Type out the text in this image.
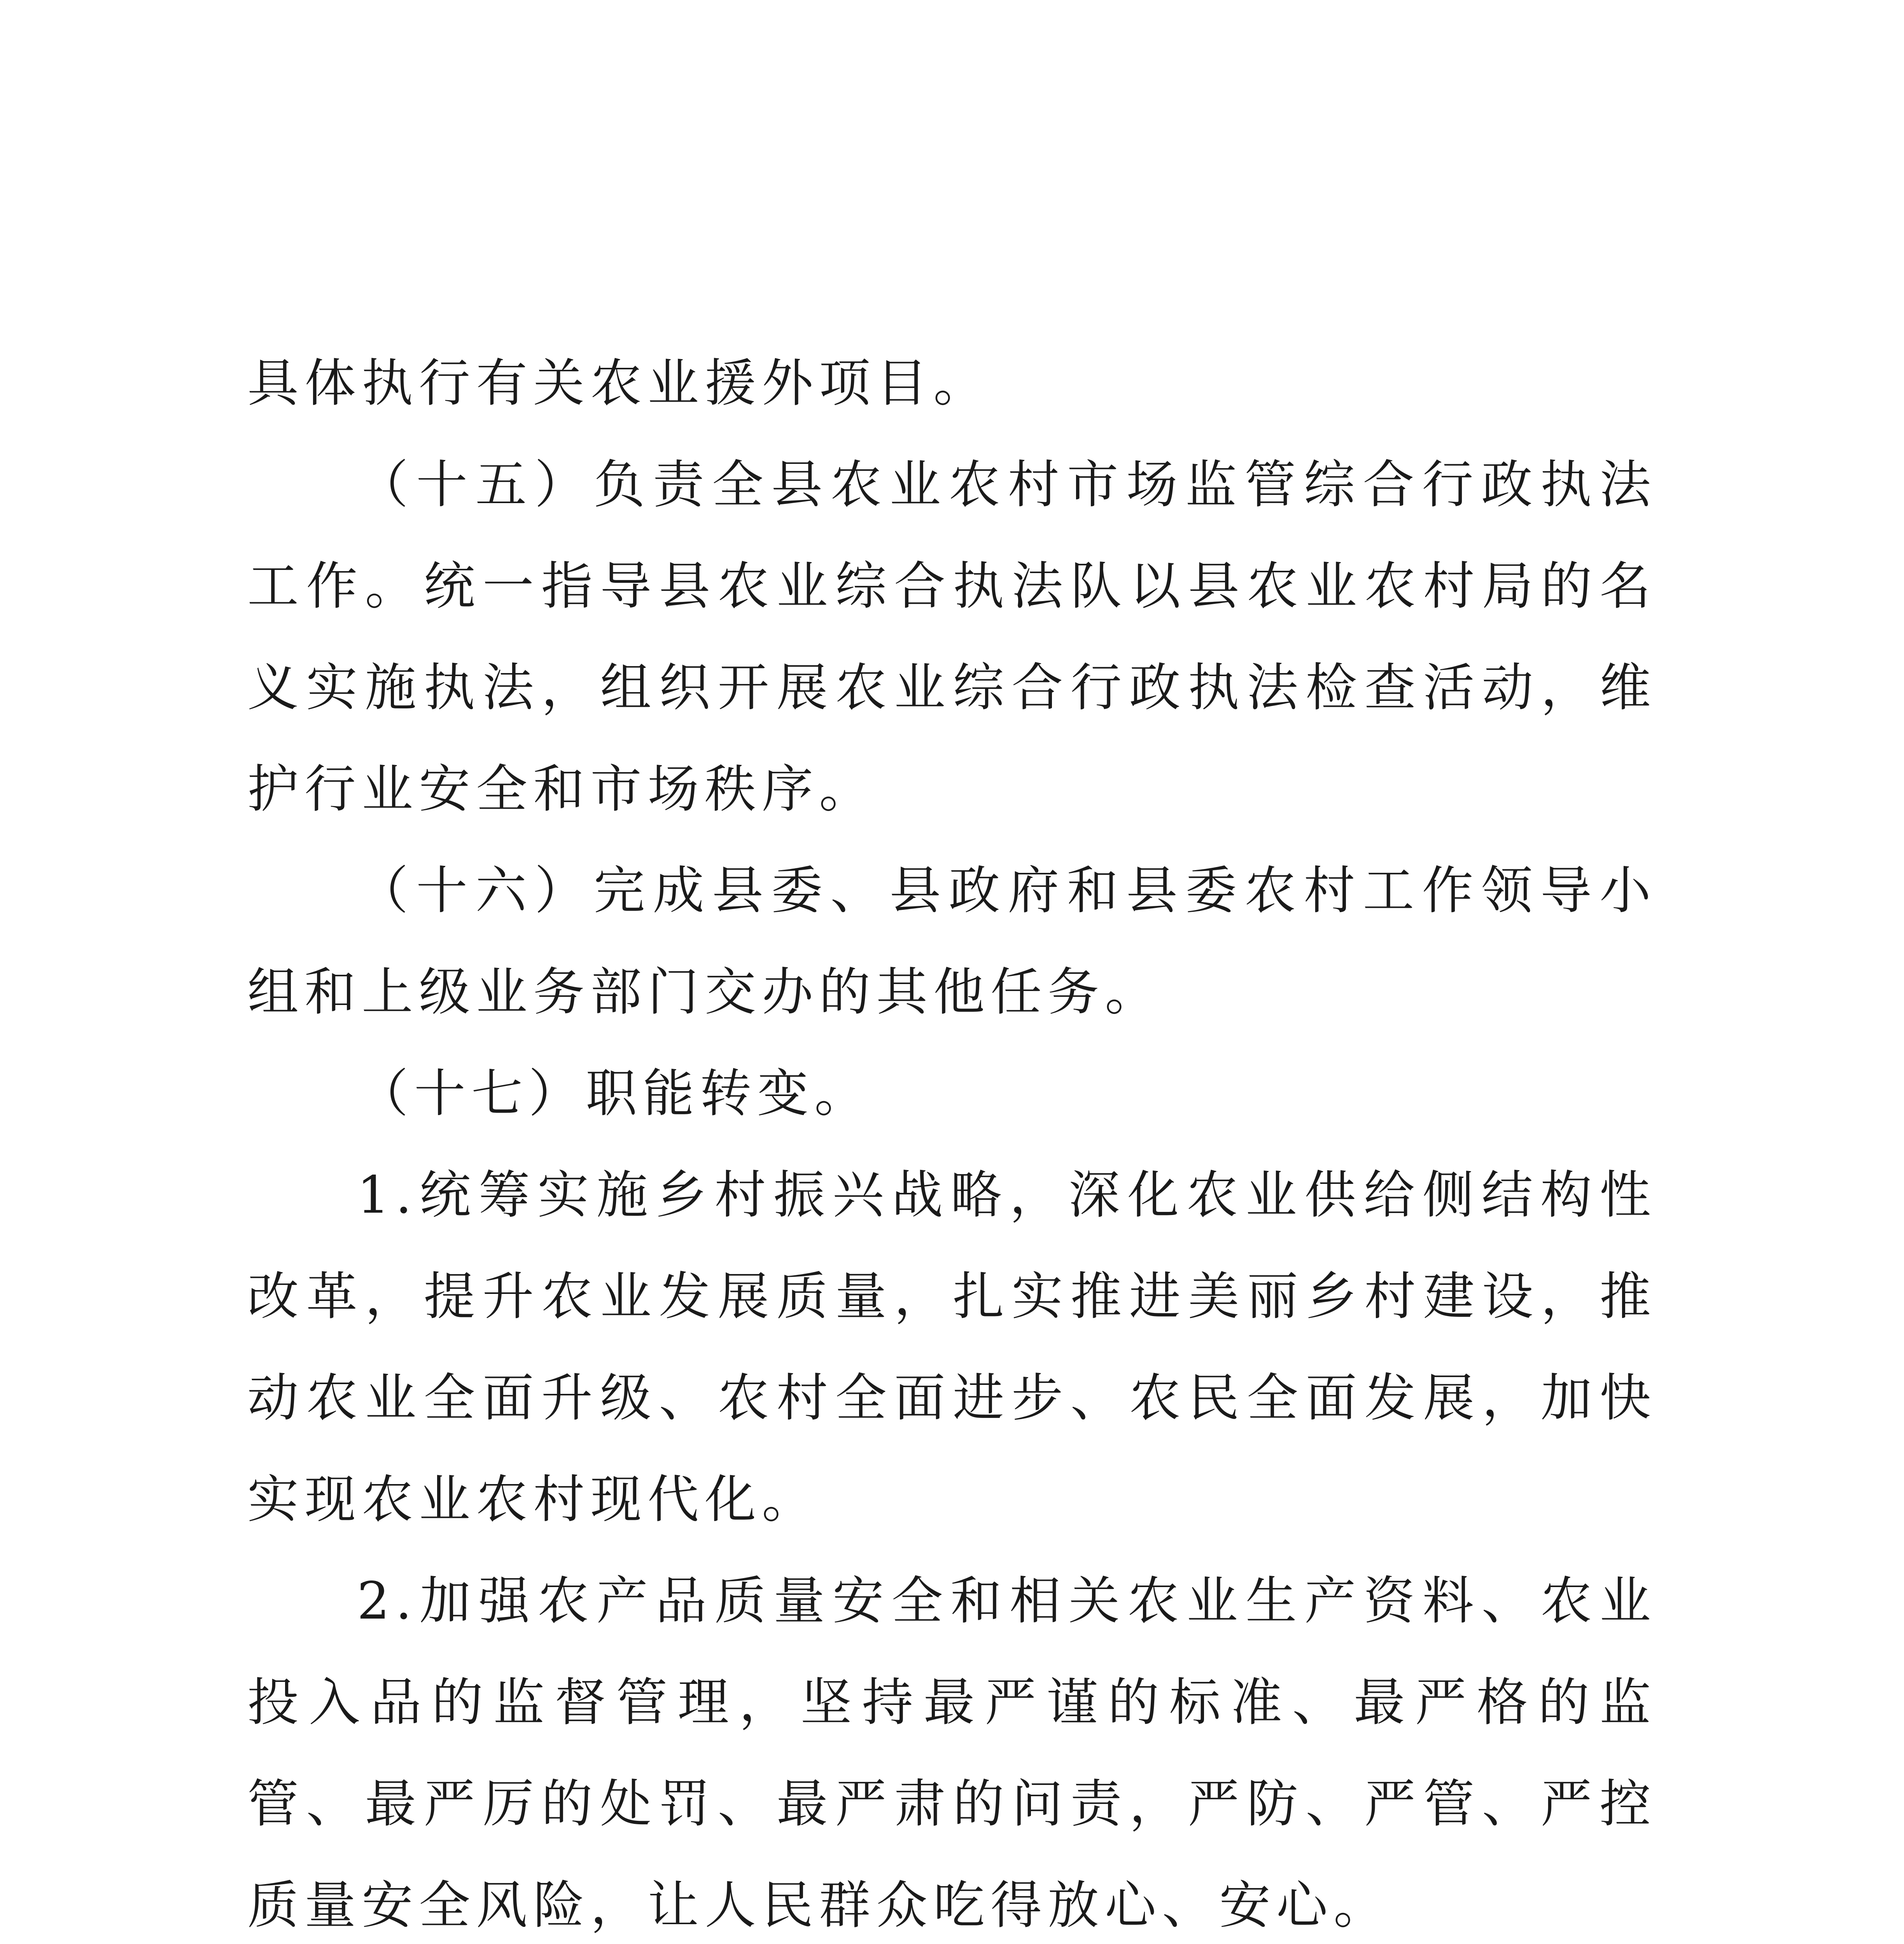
具体执行有关农业援外项目。

（十五）负责全县农业农村市场监管综合行政执法工作。统一指导县农业综合执法队以县农业农村局的名义实施执法，组织开展农业综合行政执法检查活动，维护行业安全和市场秩序。

（十六）完成县委、县政府和县委农村工作领导小组和上级业务部门交办的其他任务。

（十七）职能转变。

1.统筹实施乡村振兴战略，深化农业供给侧结构性改革，提升农业发展质量，扎实推进美丽乡村建设，推动农业全面升级、农村全面进步、农民全面发展，加快实现农业农村现代化。

2.加强农产品质量安全和相关农业生产资料、农业投入品的监督管理，坚持最严谨的标准、最严格的监管、最严厉的处罚、最严肃的问责，严防、严管、严控质量安全风险，让人民群众吃得放心、安心。
